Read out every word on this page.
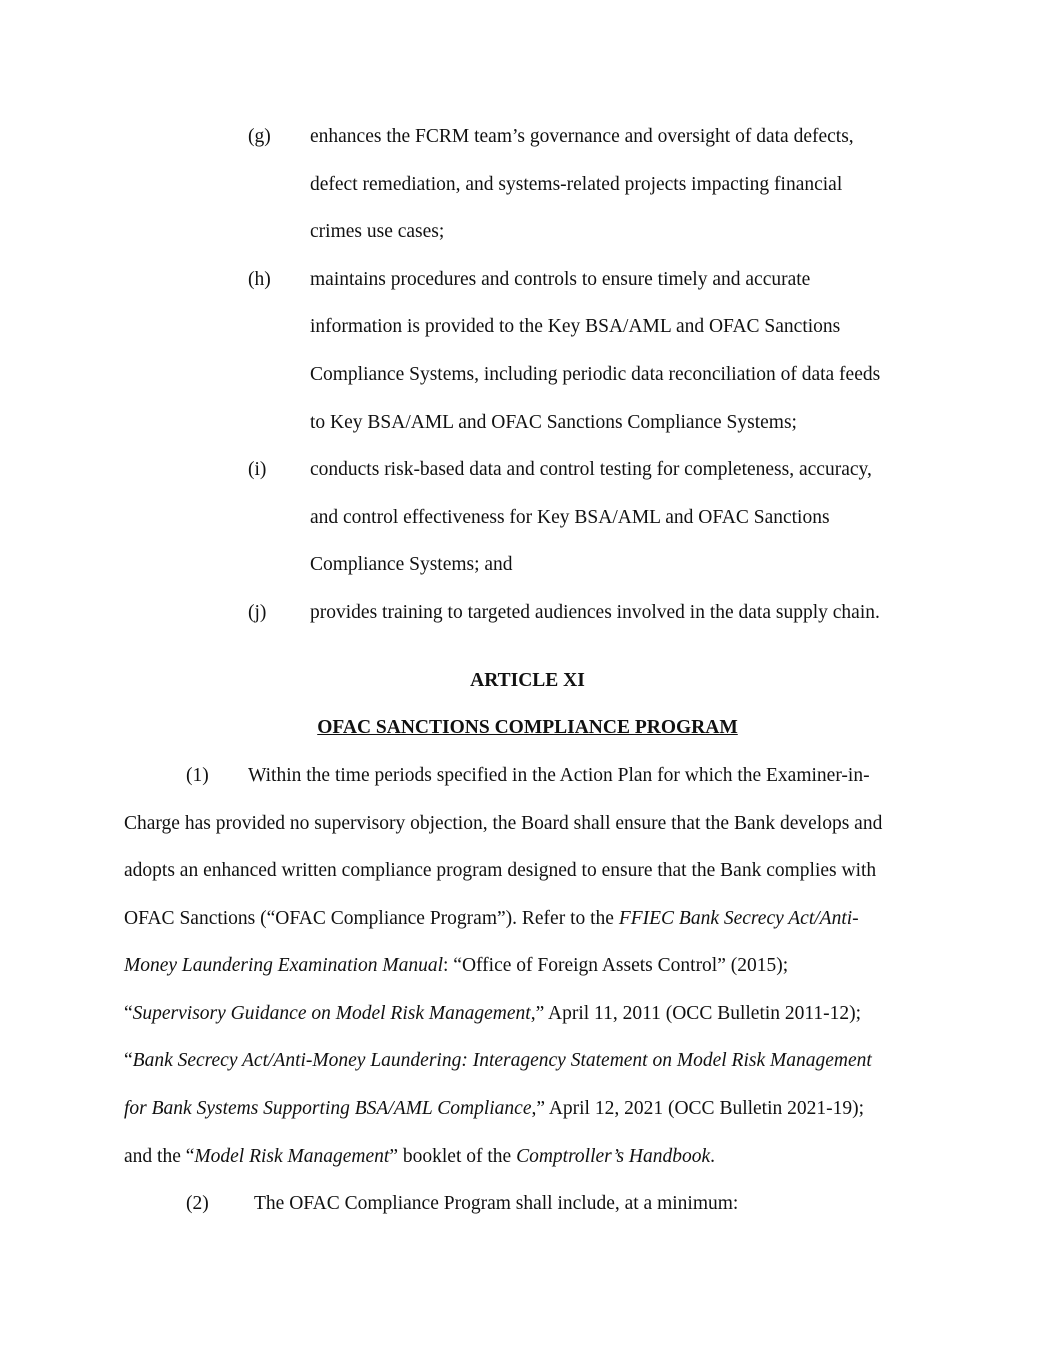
(g) enhances the FCRM team’s governance and oversight of data defects,
defect remediation, and systems-related projects impacting financial
crimes use cases;
(h) maintains procedures and controls to ensure timely and accurate
information is provided to the Key BSA/AML and OFAC Sanctions
Compliance Systems, including periodic data reconciliation of data feeds
to Key BSA/AML and OFAC Sanctions Compliance Systems;
(i) conducts risk-based data and control testing for completeness, accuracy,
and control effectiveness for Key BSA/AML and OFAC Sanctions
Compliance Systems; and
(j) provides training to targeted audiences involved in the data supply chain.
ARTICLE XI
OFAC SANCTIONS COMPLIANCE PROGRAM
(1) Within the time periods specified in the Action Plan for which the Examiner-in-
Charge has provided no supervisory objection, the Board shall ensure that the Bank develops and
adopts an enhanced written compliance program designed to ensure that the Bank complies with
OFAC Sanctions (“OFAC Compliance Program”). Refer to the FFIEC Bank Secrecy Act/Anti-
Money Laundering Examination Manual: “Office of Foreign Assets Control” (2015);
“Supervisory Guidance on Model Risk Management,” April 11, 2011 (OCC Bulletin 2011-12);
“Bank Secrecy Act/Anti-Money Laundering: Interagency Statement on Model Risk Management
for Bank Systems Supporting BSA/AML Compliance,” April 12, 2021 (OCC Bulletin 2021-19);
and the “Model Risk Management” booklet of the Comptroller’s Handbook.
(2) The OFAC Compliance Program shall include, at a minimum:
